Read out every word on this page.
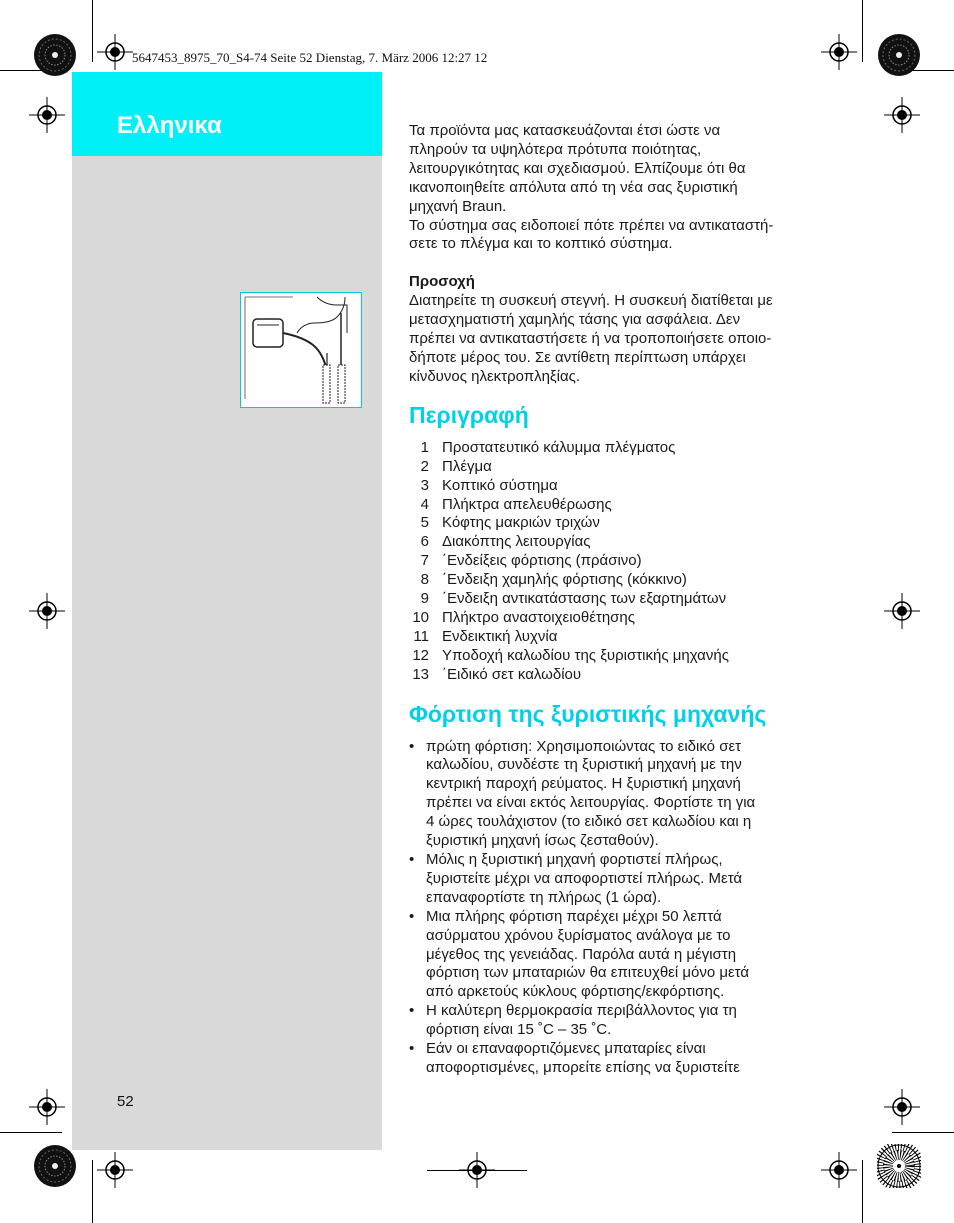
5647453_8975_70_S4-74 Seite 52 Dienstag, 7. März 2006 12:27 12
Ελληνικα
52

Τα προϊόντα μας κατασκευάζονται έτσι ώστε να

πληρούν τα υψηλότερα πρότυπα ποιότητας,

λειτουργικότητας και σχεδιασμού. Ελπίζουμε ότι θα

ικανοποιηθείτε απόλυτα από τη νέα σας ξυριστική

μηχανή Braun.

Το σύστημα σας ειδοποιεί πότε πρέπει να αντικαταστή-

σετε το πλέγμα και το κοπτικό σύστημα.

Προσοχή

Διατηρείτε τη συσκευή στεγνή. Η συσκευή διατίθεται με

μετασχηματιστή χαμηλής τάσης για ασφάλεια. Δεν

πρέπει να αντικαταστήσετε ή να τροποποιήσετε οποιο-

δήποτε μέρος του. Σε αντίθετη περίπτωση υπάρχει

κίνδυνος ηλεκτροπληξίας.

Περιγραφή
1 Προστατευτικό κάλυμμα πλέγματος
2 Πλέγμα
3 Κοπτικό σύστημα
4 Πλήκτρα απελευθέρωσης
5 Κόφτης μακριών τριχών
6 Διακόπτης λειτουργίας
7 ΄Ενδείξεις φόρτισης (πράσινο)
8 ΄Ενδειξη χαμηλής φόρτισης (κόκκινο)
9 ΄Ενδειξη αντικατάστασης των εξαρτημάτων
10 Πλήκτρο αναστοιχειοθέτησης
11 Ενδεικτική λυχνία
12 Υποδοχή καλωδίου της ξυριστικής μηχανής
13 ΄Ειδικό σετ καλωδίου
Φόρτιση της ξυριστικής μηχανής
• πρώτη φόρτιση: Χρησιμοποιώντας το ειδικό σετ

καλωδίου, συνδέστε τη ξυριστική μηχανή με την

κεντρική παροχή ρεύματος. Η ξυριστική μηχανή

πρέπει να είναι εκτός λειτουργίας. Φορτίστε τη για

4 ώρες τουλάχιστον (το ειδικό σετ καλωδίου και η

ξυριστική μηχανή ίσως ζεσταθούν).

• Μόλις η ξυριστική μηχανή φορτιστεί πλήρως,

ξυριστείτε μέχρι να αποφορτιστεί πλήρως. Μετά

επαναφορτίστε τη πλήρως (1 ώρα).

• Μια πλήρης φόρτιση παρέχει μέχρι 50 λεπτά

ασύρματου χρόνου ξυρίσματος ανάλογα με το

μέγεθος της γενειάδας. Παρόλα αυτά η μέγιστη

φόρτιση των μπαταριών θα επιτευχθεί μόνο μετά

από αρκετούς κύκλους φόρτισης/εκφόρτισης.

• Η καλύτερη θερμοκρασία περιβάλλοντος για τη

φόρτιση είναι 15 ˚C – 35 ˚C.

• Εάν οι επαναφορτιζόμενες μπαταρίες είναι

αποφορτισμένες, μπορείτε επίσης να ξυριστείτε
